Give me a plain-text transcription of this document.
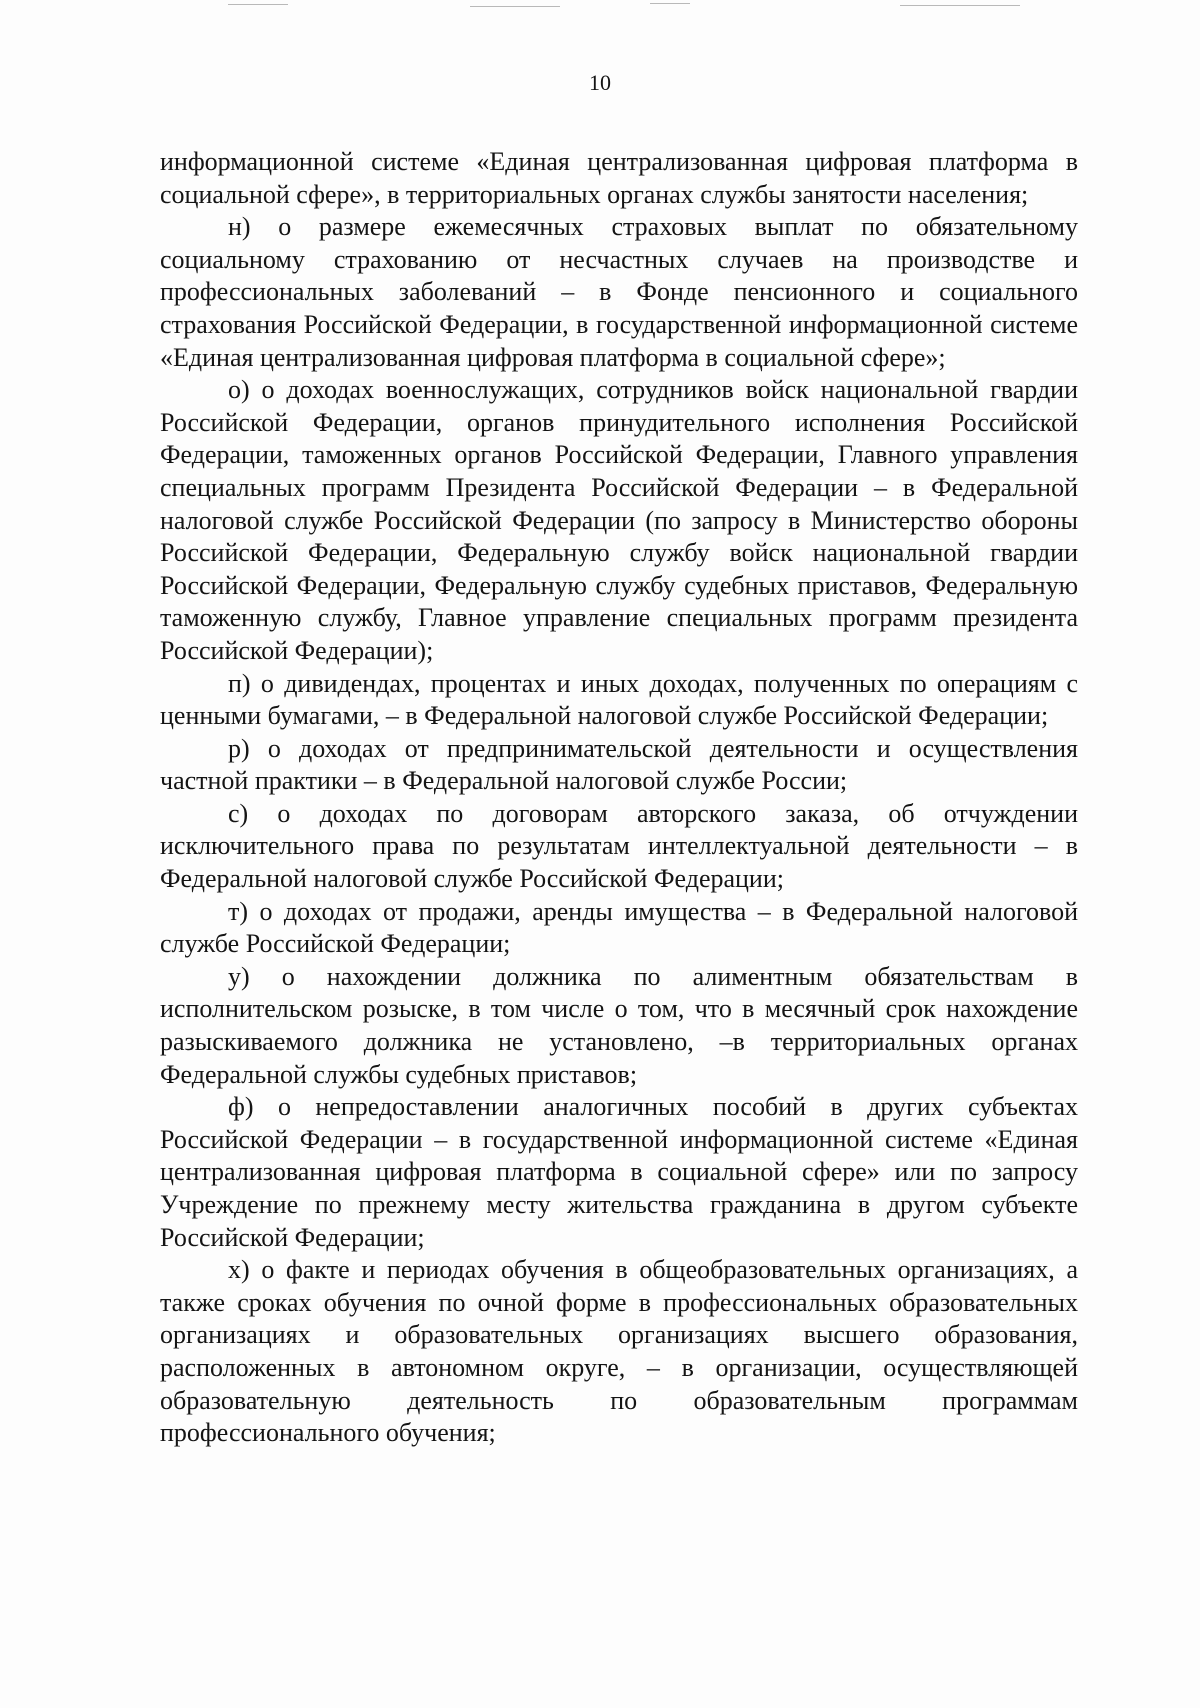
10

информационной системе «Единая централизованная цифровая платформа в социальной сфере», в территориальных органах службы занятости населения;

н) о размере ежемесячных страховых выплат по обязательному социальному страхованию от несчастных случаев на производстве и профессиональных заболеваний – в Фонде пенсионного и социального страхования Российской Федерации, в государственной информационной системе «Единая централизованная цифровая платформа в социальной сфере»;

о) о доходах военнослужащих, сотрудников войск национальной гвардии Российской Федерации, органов принудительного исполнения Российской Федерации, таможенных органов Российской Федерации, Главного управления специальных программ Президента Российской Федерации – в Федеральной налоговой службе Российской Федерации (по запросу в Министерство обороны Российской Федерации, Федеральную службу войск национальной гвардии Российской Федерации, Федеральную службу судебных приставов, Федеральную таможенную службу, Главное управление специальных программ президента Российской Федерации);

п) о дивидендах, процентах и иных доходах, полученных по операциям с ценными бумагами, – в Федеральной налоговой службе Российской Федерации;

р) о доходах от предпринимательской деятельности и осуществления частной практики – в Федеральной налоговой службе России;

с) о доходах по договорам авторского заказа, об отчуждении исключительного права по результатам интеллектуальной деятельности – в Федеральной налоговой службе Российской Федерации;

т) о доходах от продажи, аренды имущества – в Федеральной налоговой службе Российской Федерации;

у) о нахождении должника по алиментным обязательствам в исполнительском розыске, в том числе о том, что в месячный срок нахождение разыскиваемого должника не установлено, –в территориальных органах Федеральной службы судебных приставов;

ф) о непредоставлении аналогичных пособий в других субъектах Российской Федерации – в государственной информационной системе «Единая централизованная цифровая платформа в социальной сфере» или по запросу Учреждение по прежнему месту жительства гражданина в другом субъекте Российской Федерации;

х) о факте и периодах обучения в общеобразовательных организациях, а также сроках обучения по очной форме в профессиональных образовательных организациях и образовательных организациях высшего образования, расположенных в автономном округе, – в организации, осуществляющей образовательную деятельность по образовательным программам профессионального обучения;
